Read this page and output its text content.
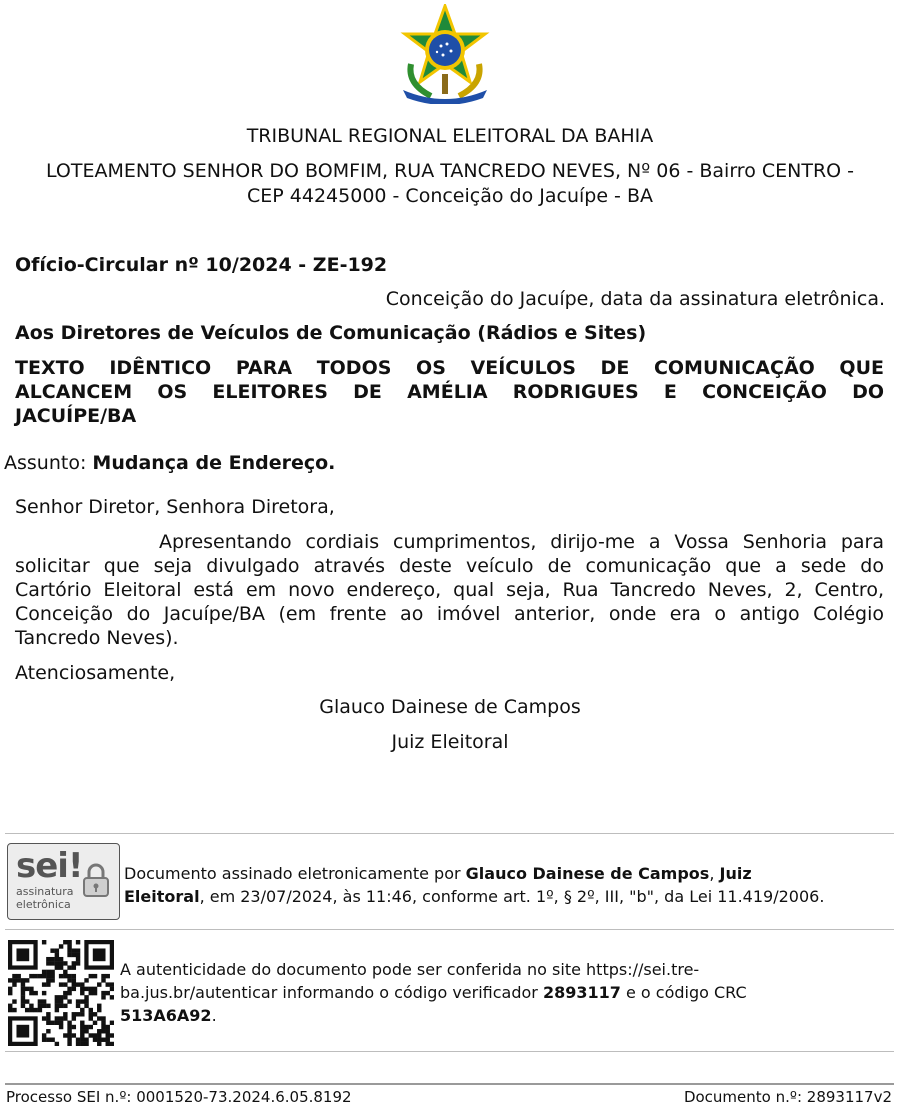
TRIBUNAL REGIONAL ELEITORAL DA BAHIA
LOTEAMENTO SENHOR DO BOMFIM, RUA TANCREDO NEVES, Nº 06 - Bairro CENTRO -
CEP 44245000 - Conceição do Jacuípe - BA
Ofício-Circular nº 10/2024 - ZE-192
Conceição do Jacuípe, data da assinatura eletrônica.
Aos Diretores de Veículos de Comunicação (Rádios e Sites)
TEXTO IDÊNTICO PARA TODOS OS VEÍCULOS DE COMUNICAÇÃO QUE
ALCANCEM OS ELEITORES DE AMÉLIA RODRIGUES E CONCEIÇÃO DO
JACUÍPE/BA
Assunto: Mudança de Endereço.
Senhor Diretor, Senhora Diretora,
Apresentando cordiais cumprimentos, dirijo-me a Vossa Senhoria para
solicitar que seja divulgado através deste veículo de comunicação que a sede do
Cartório Eleitoral está em novo endereço, qual seja, Rua Tancredo Neves, 2, Centro,
Conceição do Jacuípe/BA (em frente ao imóvel anterior, onde era o antigo Colégio
Tancredo Neves).
Atenciosamente,
Glauco Dainese de Campos
Juiz Eleitoral
sei!
assinatura
eletrônica
Documento assinado eletronicamente por Glauco Dainese de Campos, Juiz
Eleitoral, em 23/07/2024, às 11:46, conforme art. 1º, § 2º, III, "b", da Lei 11.419/2006.
A autenticidade do documento pode ser conferida no site https://sei.tre-
ba.jus.br/autenticar informando o código verificador 2893117 e o código CRC
513A6A92.
Processo SEI n.º: 0001520-73.2024.6.05.8192	Documento n.º: 2893117v2
